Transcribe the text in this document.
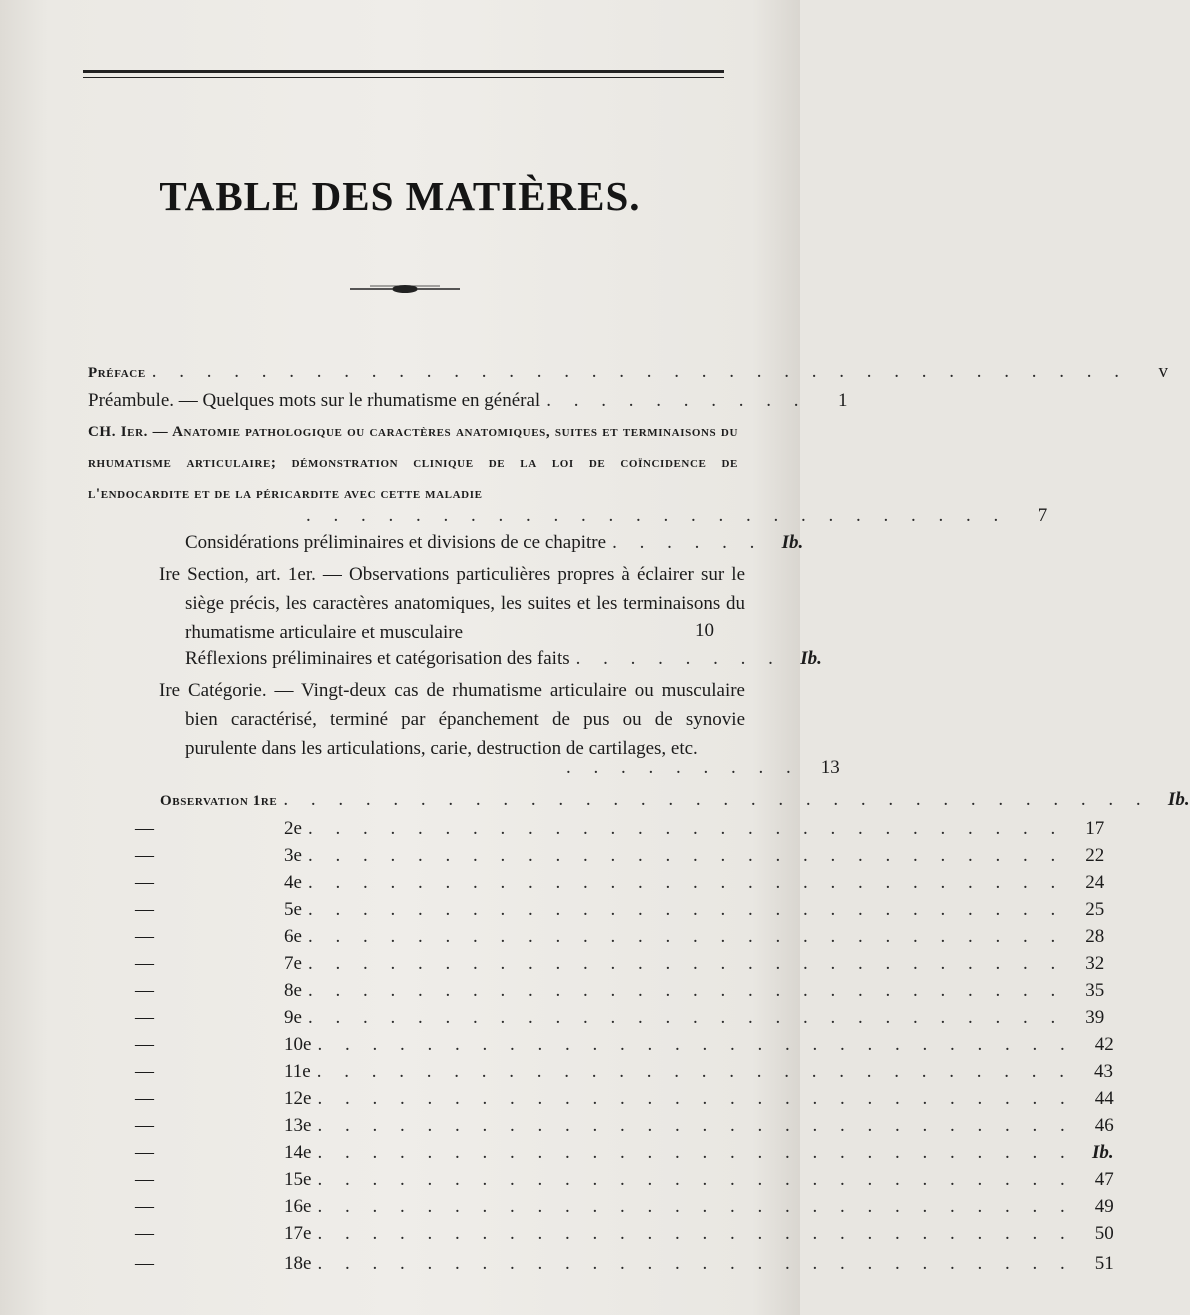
TABLE DES MATIÈRES.
Préface . . . . . . . . . . . . . . . . . . . . . . . . . . . . . . . . . . . .	v
Préambule. — Quelques mots sur le rhumatisme en général . . . . . . . . . .	1
CH. Ier. — Anatomie pathologique ou caractères anatomiques, suites et terminaisons du rhumatisme articulaire; démonstration clinique de la loi de coïncidence de l'endocardite et de la péricardite avec cette maladie
. . . . . . . . . . . . . . . . . . . . . . . . . .	7
Considérations préliminaires et divisions de ce chapitre . . . . . . Ib.
Ire Section, art. 1er. — Observations particulières propres à éclairer sur le siège précis, les caractères anatomiques, les suites et les terminaisons du rhumatisme articulaire et musculaire	10
Réflexions préliminaires et catégorisation des faits . . . . . . . . Ib.
Ire Catégorie. — Vingt-deux cas de rhumatisme articulaire ou musculaire bien caractérisé, terminé par épanchement de pus ou de synovie purulente dans les articulations, carie, destruction de cartilages, etc.
. . . . . . . . .	13
Observation 1re . . . . . . . . . . . . . . . . . . . . . . . . . . . . . . . . Ib.
—	2e . . . . . . . . . . . . . . . . . . . . . . . . . . . .	17
—	3e . . . . . . . . . . . . . . . . . . . . . . . . . . . .	22
—	4e . . . . . . . . . . . . . . . . . . . . . . . . . . . .	24
—	5e . . . . . . . . . . . . . . . . . . . . . . . . . . . .	25
—	6e . . . . . . . . . . . . . . . . . . . . . . . . . . . .	28
—	7e . . . . . . . . . . . . . . . . . . . . . . . . . . . .	32
—	8e . . . . . . . . . . . . . . . . . . . . . . . . . . . .	35
—	9e . . . . . . . . . . . . . . . . . . . . . . . . . . . .	39
—	10e . . . . . . . . . . . . . . . . . . . . . . . . . . . .	42
—	11e . . . . . . . . . . . . . . . . . . . . . . . . . . . .	43
—	12e . . . . . . . . . . . . . . . . . . . . . . . . . . . .	44
—	13e . . . . . . . . . . . . . . . . . . . . . . . . . . . .	46
—	14e . . . . . . . . . . . . . . . . . . . . . . . . . . . . Ib.
—	15e . . . . . . . . . . . . . . . . . . . . . . . . . . . .	47
—	16e . . . . . . . . . . . . . . . . . . . . . . . . . . . .	49
—	17e . . . . . . . . . . . . . . . . . . . . . . . . . . . .	50
—	18e . . . . . . . . . . . . . . . . . . . . . . . . . . . .	51
